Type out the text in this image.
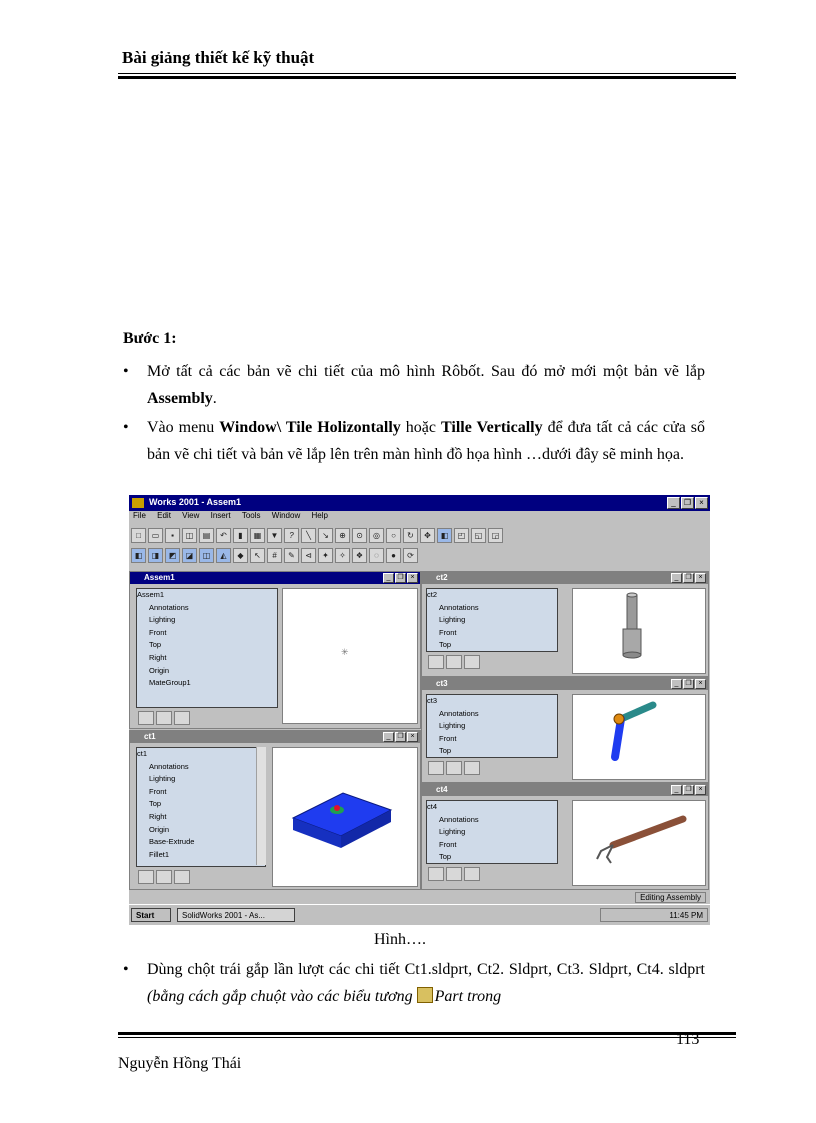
Bài giảng thiết kế kỹ thuật
Bước 1:
• Mở tất cả các bản vẽ chi tiết của mô hình Rôbốt. Sau đó mở mới một bản vẽ lắp Assembly.
• Vào menu Window\ Tile Holizontally hoặc Tille Vertically để đưa tất cả các cửa sổ bản vẽ chi tiết và bản vẽ lắp lên trên màn hình đồ họa hình …dưới đây sẽ minh họa.
Works 2001 - Assem1	_	❐	×
File Edit View Insert Tools Window Help
□	▭	▪	◫	▤	↶	▮	▦	▼	?	╲	↘	⊕	⊙	◎	○	↻	✥	◧	◰	◱	◲
◧	◨	◩	◪	◫	◭	◆	↖	#	✎	⊲	✦	✧	❖	◌	●	⟳
Assem1	_ ❐ ×
Assem1
Annotations
Lighting
Front
Top
Right
Origin
MateGroup1
✳
ct1	_ ❐ ×
ct1
Annotations
Lighting
Front
Top
Right
Origin
Base-Extrude
Fillet1
ct2	_ ❐ ×
ct2
Annotations
Lighting
Front
Top
ct3	_ ❐ ×
ct3
Annotations
Lighting
Front
Top
ct4	_ ❐ ×
ct4
Annotations
Lighting
Front
Top
Editing Assembly
Start	SolidWorks 2001 - As...	11:45 PM
Hình….
• Dùng chột trái gắp lần lượt các chi tiết Ct1.sldprt, Ct2. Sldprt, Ct3. Sldprt, Ct4. sldprt (bằng cách gắp chuột vào các biểu tương Part trong
113
Nguyễn Hồng Thái
